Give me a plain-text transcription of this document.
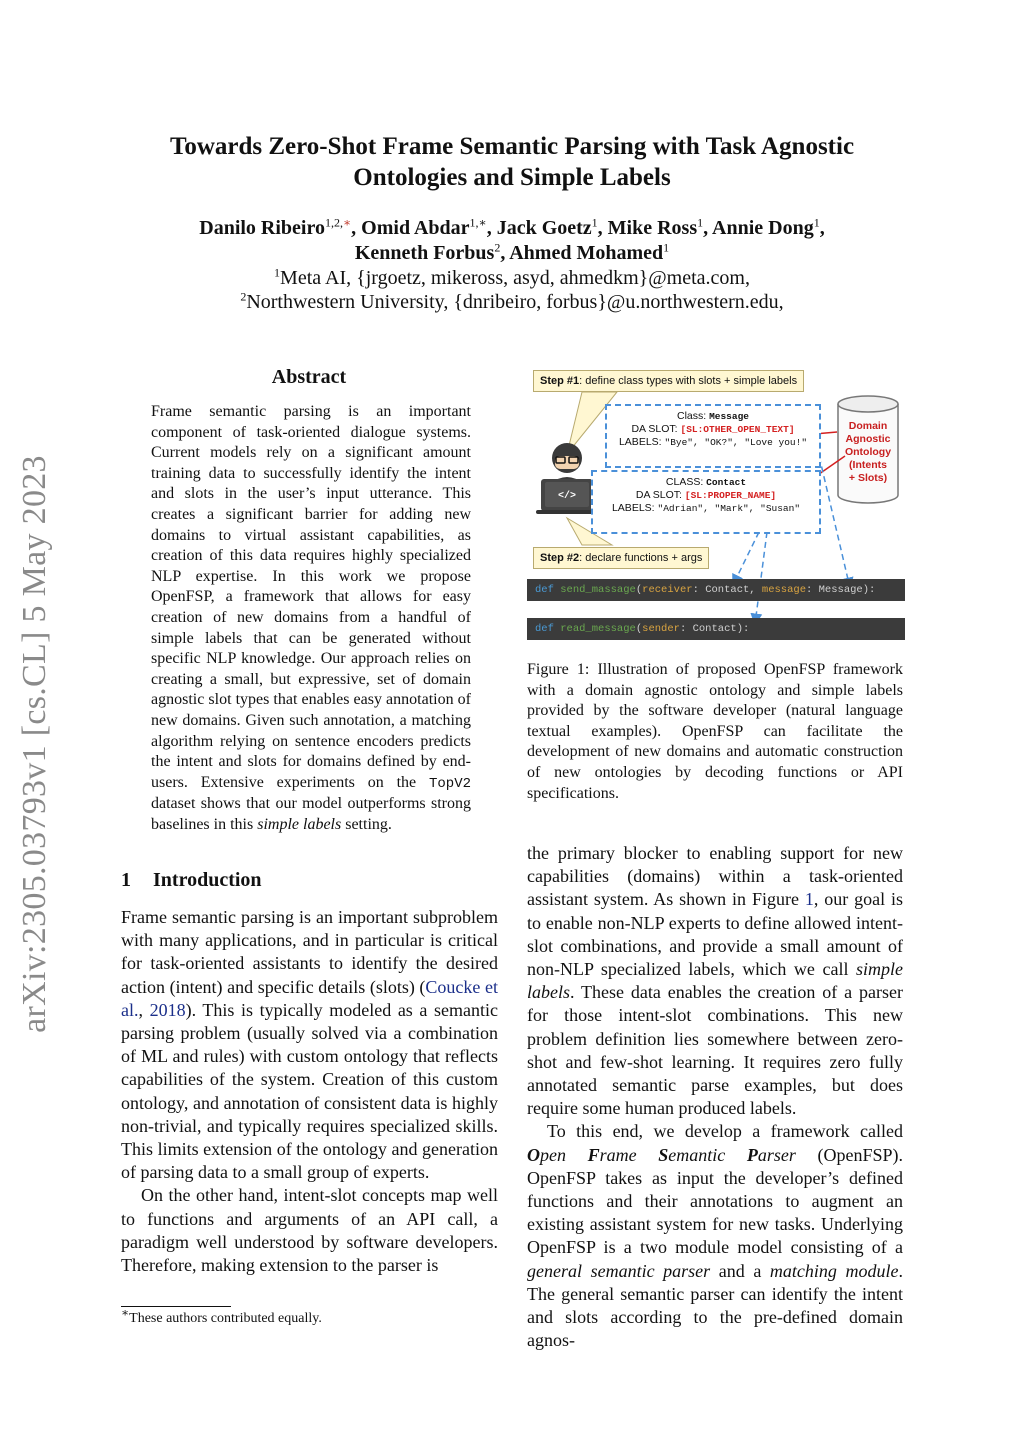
arXiv:2305.03793v1 [cs.CL] 5 May 2023
Towards Zero-Shot Frame Semantic Parsing with Task Agnostic Ontologies and Simple Labels
Danilo Ribeiro$^{1,2,∗}$, Omid Abdar$^{1,∗}$, Jack Goetz$^1$, Mike Ross$^1$, Annie Dong$^1$,
Kenneth Forbus$^2$, Ahmed Mohamed$^1$
$^1$Meta AI, {jrgoetz, mikeross, asyd, ahmedkm}@meta.com,
$^2$Northwestern University, {dnribeiro, forbus}@u.northwestern.edu,
Abstract
Frame semantic parsing is an important component of task-oriented dialogue systems. Current models rely on a significant amount training data to successfully identify the intent and slots in the user’s input utterance. This creates a significant barrier for adding new domains to virtual assistant capabilities, as creation of this data requires highly specialized NLP expertise. In this work we propose OpenFSP, a framework that allows for easy creation of new domains from a handful of simple labels that can be generated without specific NLP knowledge. Our approach relies on creating a small, but expressive, set of domain agnostic slot types that enables easy annotation of new domains. Given such annotation, a matching algorithm relying on sentence encoders predicts the intent and slots for domains defined by end-users. Extensive experiments on the TopV2 dataset shows that our model outperforms strong baselines in this simple labels setting.
1 Introduction

Frame semantic parsing is an important subproblem with many applications, and in particular is critical for task-oriented assistants to identify the desired action (intent) and specific details (slots) (Coucke et al., 2018). This is typically modeled as a semantic parsing problem (usually solved via a combination of ML and rules) with custom ontology that reflects capabilities of the system. Creation of this custom ontology, and annotation of consistent data is highly non-trivial, and typically requires specialized skills. This limits extension of the ontology and generation of parsing data to a small group of experts.

On the other hand, intent-slot concepts map well to functions and arguments of an API call, a paradigm well understood by software developers. Therefore, making extension to the parser is

∗These authors contributed equally.
</>
Step #1: define class types with slots + simple labels
Class: Message
DA SLOT: [SL:OTHER_OPEN_TEXT]
LABELS: "Bye", "OK?", "Love you!"
CLASS: Contact
DA SLOT: [SL:PROPER_NAME]
LABELS: "Adrian", "Mark", "Susan"
Domain
Agnostic
Ontology
(Intents
+ Slots)
Step #2: declare functions + args
def send_massage(receiver: Contact, message: Message):
def read_message(sender: Contact):
Figure 1: Illustration of proposed OpenFSP framework with a domain agnostic ontology and simple labels provided by the software developer (natural language textual examples). OpenFSP can facilitate the development of new domains and automatic construction of new ontologies by decoding functions or API specifications.

the primary blocker to enabling support for new capabilities (domains) within a task-oriented assistant system. As shown in Figure 1, our goal is to enable non-NLP experts to define allowed intent-slot combinations, and provide a small amount of non-NLP specialized labels, which we call simple labels. These data enables the creation of a parser for those intent-slot combinations. This new problem definition lies somewhere between zero-shot and few-shot learning. It requires zero fully annotated semantic parse examples, but does require some human produced labels.

To this end, we develop a framework called Open Frame Semantic Parser (OpenFSP). OpenFSP takes as input the developer’s defined functions and their annotations to augment an existing assistant system for new tasks. Underlying OpenFSP is a two module model consisting of a general semantic parser and a matching module. The general semantic parser can identify the intent and slots according to the pre-defined domain agnos-
